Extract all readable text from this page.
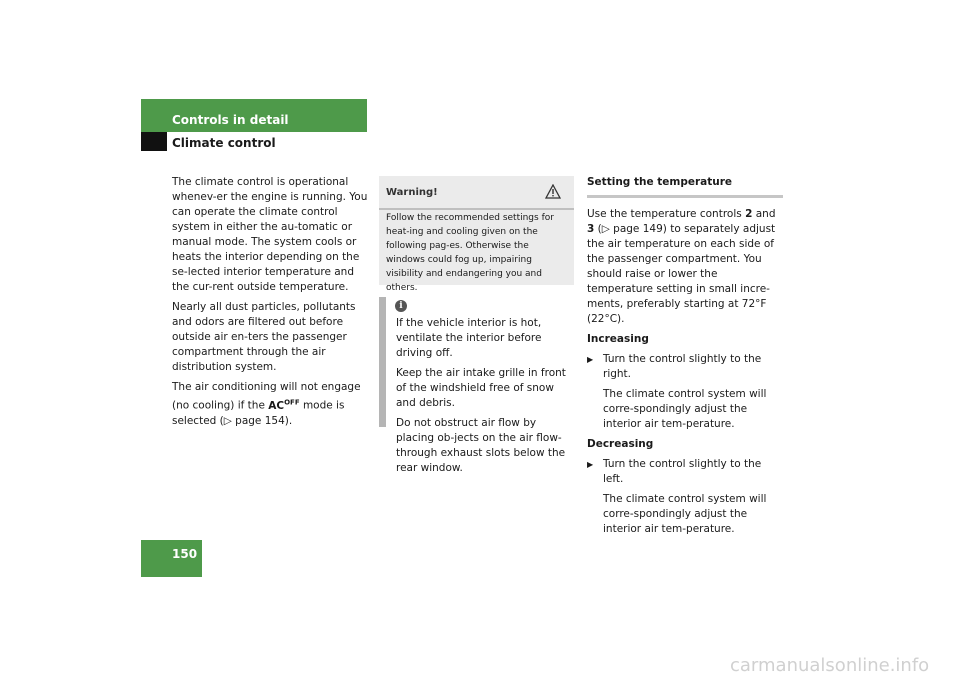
Controls in detail
Climate control

The climate control is operational whenev-er the engine is running. You can operate the climate control system in either the au-tomatic or manual mode. The system cools or heats the interior depending on the se-lected interior temperature and the cur-rent outside temperature.

Nearly all dust particles, pollutants and odors are filtered out before outside air en-ters the passenger compartment through the air distribution system.

The air conditioning will not engage (no cooling) if the $AC^{OFF}$ mode is selected (▷ page 154).

Warning!
Follow the recommended settings for heat-ing and cooling given on the following pag-es. Otherwise the windows could fog up, impairing visibility and endangering you and others.
i

If the vehicle interior is hot, ventilate the interior before driving off.

Keep the air intake grille in front of the windshield free of snow and debris.

Do not obstruct air flow by placing ob-jects on the air flow-through exhaust slots below the rear window.

Setting the temperature

Use the temperature controls 2 and 3 (▷ page 149) to separately adjust the air temperature on each side of the passenger compartment. You should raise or lower the temperature setting in small incre-ments, preferably starting at 72°F (22°C).

Increasing

▶ Turn the control slightly to the right.

The climate control system will corre-spondingly adjust the interior air tem-perature.

Decreasing

▶ Turn the control slightly to the left.

The climate control system will corre-spondingly adjust the interior air tem-perature.

150
carmanualsonline.info
